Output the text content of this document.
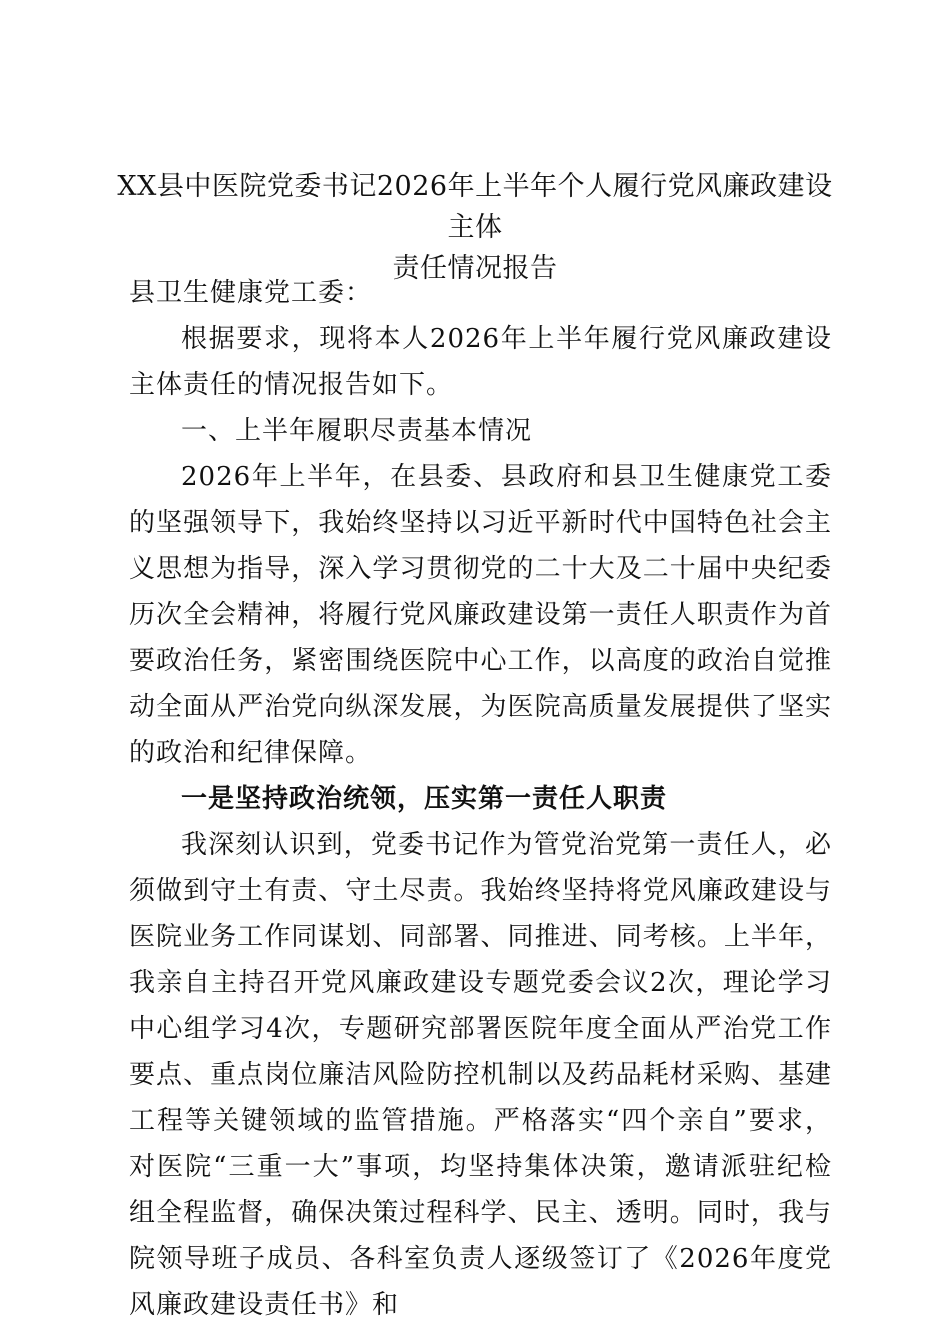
XX县中医院党委书记2026年上半年个人履行党风廉政建设主体
责任情况报告

县卫生健康党工委：

根据要求，现将本人2026年上半年履行党风廉政建设主体责任的情况报告如下。

一、上半年履职尽责基本情况

2026年上半年，在县委、县政府和县卫生健康党工委的坚强领导下，我始终坚持以习近平新时代中国特色社会主义思想为指导，深入学习贯彻党的二十大及二十届中央纪委历次全会精神，将履行党风廉政建设第一责任人职责作为首要政治任务，紧密围绕医院中心工作，以高度的政治自觉推动全面从严治党向纵深发展，为医院高质量发展提供了坚实的政治和纪律保障。

一是坚持政治统领，压实第一责任人职责

我深刻认识到，党委书记作为管党治党第一责任人，必须做到守土有责、守土尽责。我始终坚持将党风廉政建设与医院业务工作同谋划、同部署、同推进、同考核。上半年，我亲自主持召开党风廉政建设专题党委会议2次，理论学习中心组学习4次，专题研究部署医院年度全面从严治党工作要点、重点岗位廉洁风险防控机制以及药品耗材采购、基建工程等关键领域的监管措施。严格落实“四个亲自”要求，对医院“三重一大”事项，均坚持集体决策，邀请派驻纪检组全程监督，确保决策过程科学、民主、透明。同时，我与院领导班子成员、各科室负责人逐级签订了《2026年度党风廉政建设责任书》和
